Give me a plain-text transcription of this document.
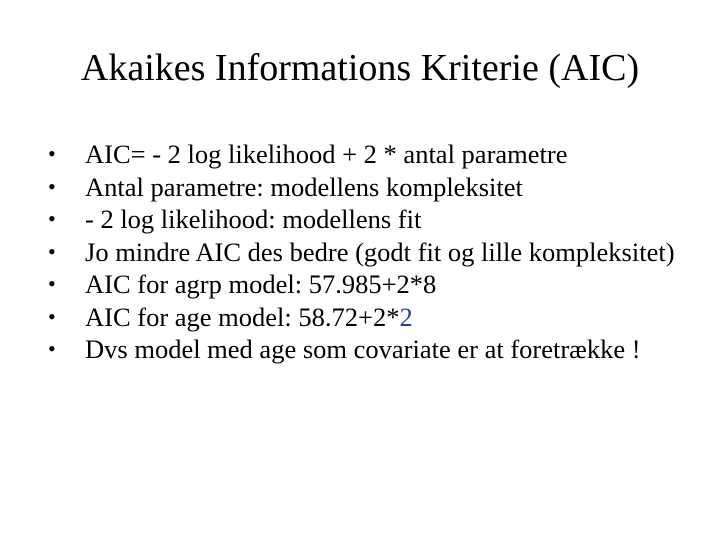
Akaikes Informations Kriterie (AIC)
•	AIC= - 2 log likelihood + 2 * antal parametre
•	Antal parametre: modellens kompleksitet
•	- 2 log likelihood: modellens fit
•	Jo mindre AIC des bedre (godt fit og lille kompleksitet)
•	AIC for agrp model: 57.985+2*8
•	AIC for age model: 58.72+2*2
•	Dvs model med age som covariate er at foretrække !
